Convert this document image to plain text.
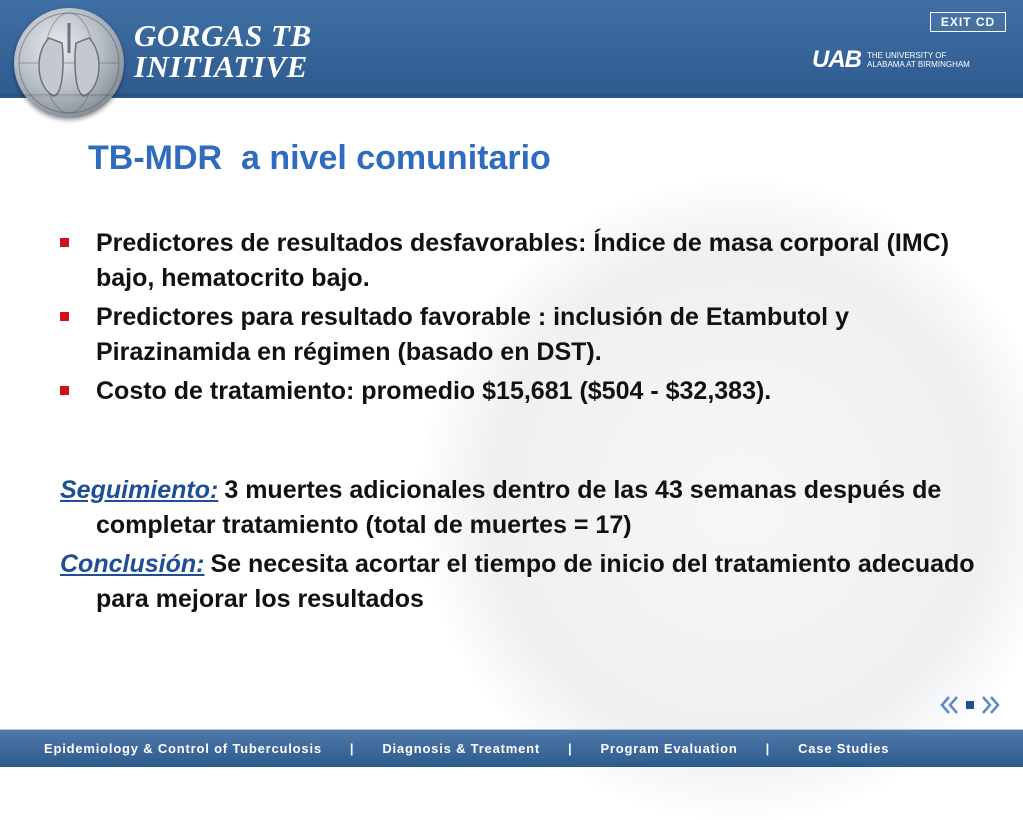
GORGAS TB
INITIATIVE
EXIT CD
UAB THE UNIVERSITY OF
ALABAMA AT BIRMINGHAM
TB-MDR  a nivel comunitario
Predictores de resultados desfavorables: Índice de masa corporal (IMC) bajo, hematocrito bajo.
Predictores para resultado favorable : inclusión de Etambutol y Pirazinamida en régimen (basado en DST).
Costo de tratamiento: promedio $15,681 ($504 - $32,383).
Seguimiento: 3 muertes adicionales dentro de las 43 semanas después de completar tratamiento (total de muertes = 17)
Conclusión: Se necesita acortar el tiempo de inicio del tratamiento adecuado para mejorar los resultados
Epidemiology & Control of Tuberculosis | Diagnosis & Treatment | Program Evaluation | Case Studies
